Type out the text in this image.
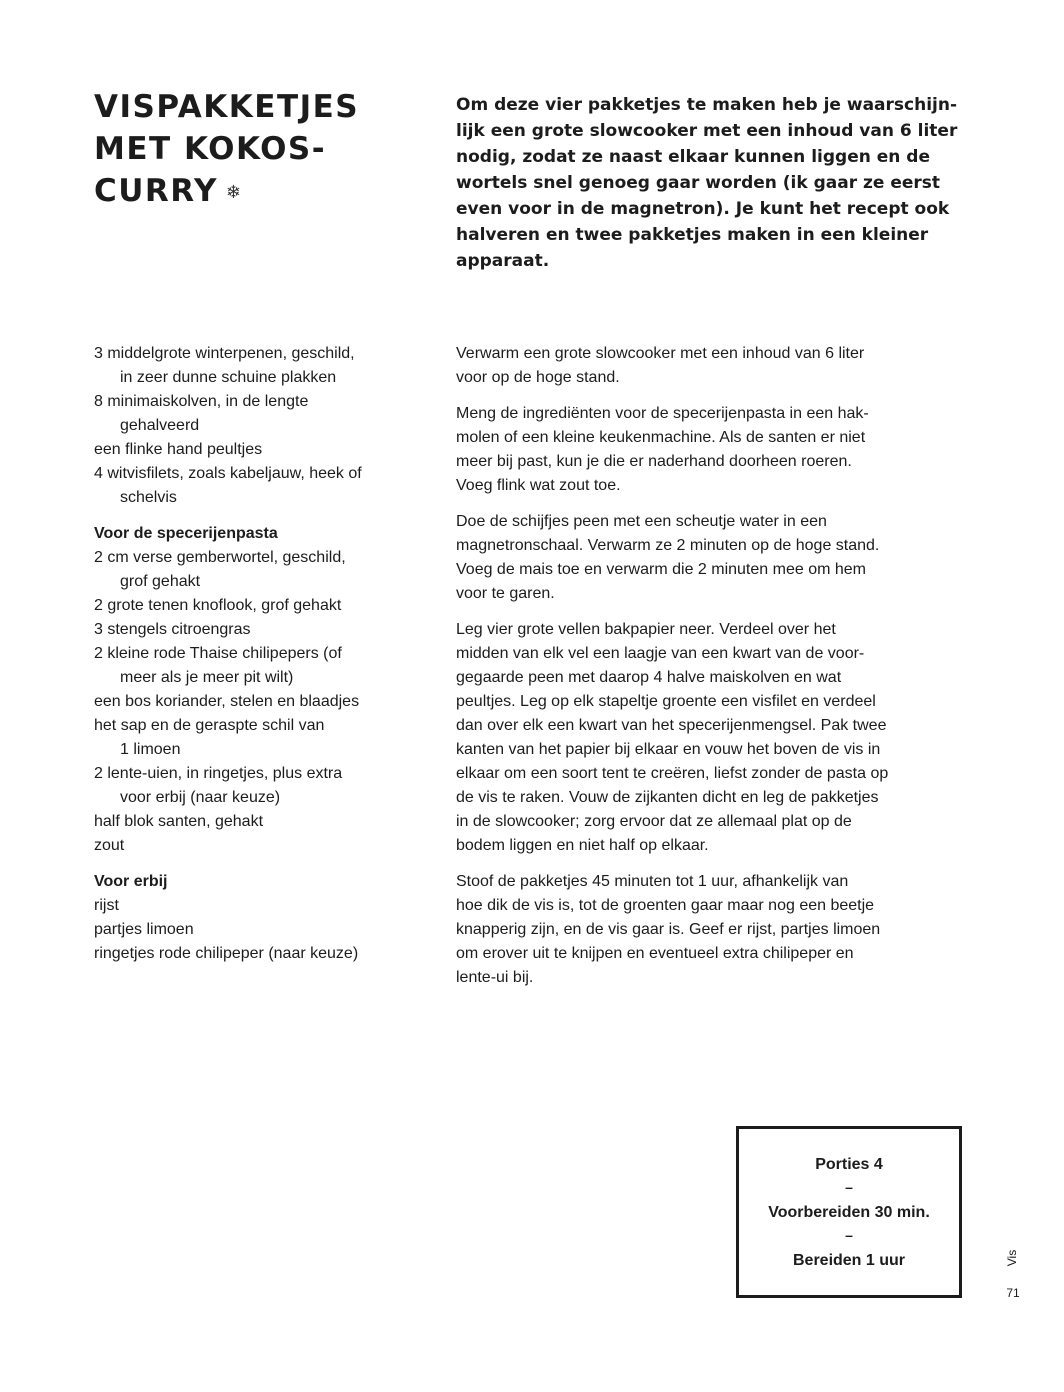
VISPAKKETJES
MET KOKOS-
CURRY ❄

Om deze vier pakketjes te maken heb je waarschijn-
lijk een grote slowcooker met een inhoud van 6 liter
nodig, zodat ze naast elkaar kunnen liggen en de
wortels snel genoeg gaar worden (ik gaar ze eerst
even voor in de magnetron). Je kunt het recept ook
halveren en twee pakketjes maken in een kleiner
apparaat.

3 middelgrote winterpenen, geschild,
in zeer dunne schuine plakken
8 minimaiskolven, in de lengte
gehalveerd
een flinke hand peultjes
4 witvisfilets, zoals kabeljauw, heek of
schelvis
Voor de specerijenpasta
2 cm verse gemberwortel, geschild,
grof gehakt
2 grote tenen knoflook, grof gehakt
3 stengels citroengras
2 kleine rode Thaise chilipepers (of
meer als je meer pit wilt)
een bos koriander, stelen en blaadjes
het sap en de geraspte schil van
1 limoen
2 lente-uien, in ringetjes, plus extra
voor erbij (naar keuze)
half blok santen, gehakt
zout
Voor erbij
rijst
partjes limoen
ringetjes rode chilipeper (naar keuze)

Verwarm een grote slowcooker met een inhoud van 6 liter
voor op de hoge stand.

Meng de ingrediënten voor de specerijenpasta in een hak-
molen of een kleine keukenmachine. Als de santen er niet
meer bij past, kun je die er naderhand doorheen roeren.
Voeg flink wat zout toe.

Doe de schijfjes peen met een scheutje water in een
magnetronschaal. Verwarm ze 2 minuten op de hoge stand.
Voeg de mais toe en verwarm die 2 minuten mee om hem
voor te garen.

Leg vier grote vellen bakpapier neer. Verdeel over het
midden van elk vel een laagje van een kwart van de voor-
gegaarde peen met daarop 4 halve maiskolven en wat
peultjes. Leg op elk stapeltje groente een visfilet en verdeel
dan over elk een kwart van het specerijenmengsel. Pak twee
kanten van het papier bij elkaar en vouw het boven de vis in
elkaar om een soort tent te creëren, liefst zonder de pasta op
de vis te raken. Vouw de zijkanten dicht en leg de pakketjes
in de slowcooker; zorg ervoor dat ze allemaal plat op de
bodem liggen en niet half op elkaar.

Stoof de pakketjes 45 minuten tot 1 uur, afhankelijk van
hoe dik de vis is, tot de groenten gaar maar nog een beetje
knapperig zijn, en de vis gaar is. Geef er rijst, partjes limoen
om erover uit te knijpen en eventueel extra chilipeper en
lente-ui bij.

Porties 4
–
Voorbereiden 30 min.
–
Bereiden 1 uur	Vis
71
